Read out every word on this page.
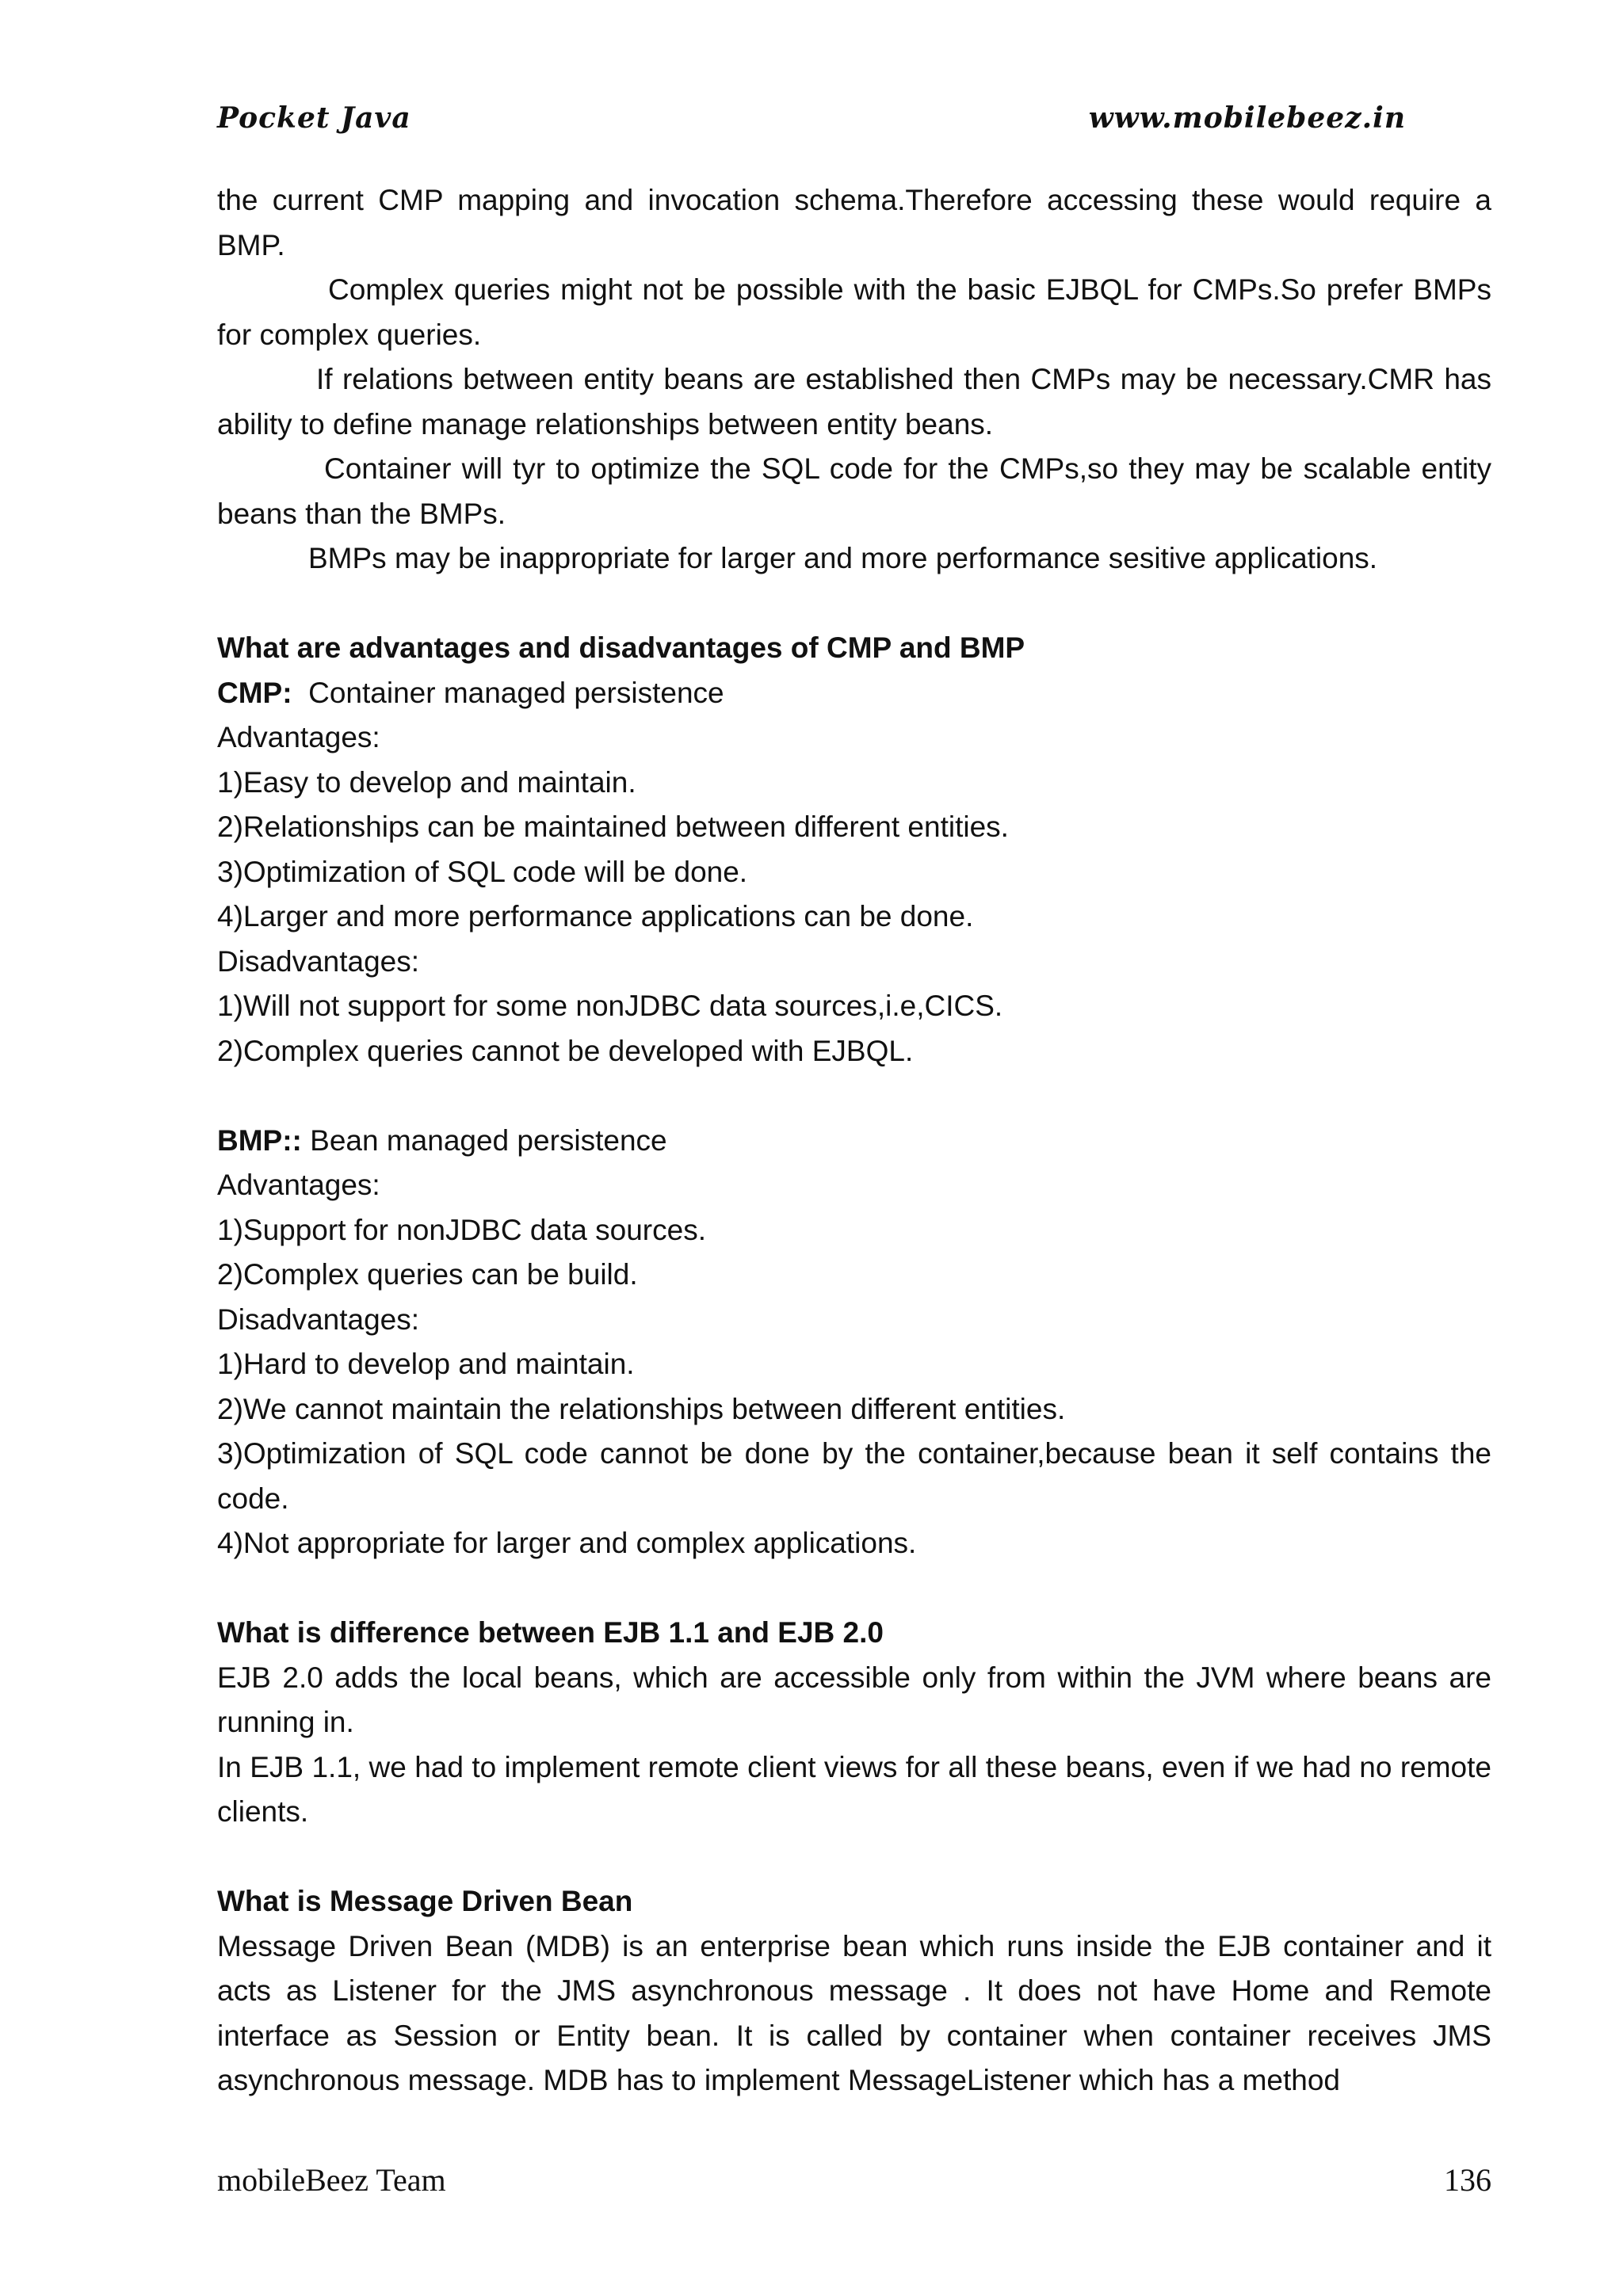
Pocket Java	www.mobilebeez.in

the current CMP mapping and invocation schema.Therefore accessing these would require a BMP.

Complex queries might not be possible with the basic EJBQL for CMPs.So prefer BMPs for complex queries.

If relations between entity beans are established then CMPs may be necessary.CMR has ability to define manage relationships between entity beans.

Container will tyr to optimize the SQL code for the CMPs,so they may be scalable entity beans than the BMPs.

BMPs may be inappropriate for larger and more performance sesitive applications.

What are advantages and disadvantages of CMP and BMP

CMP: Container managed persistence

Advantages:

1)Easy to develop and maintain.

2)Relationships can be maintained between different entities.

3)Optimization of SQL code will be done.

4)Larger and more performance applications can be done.

Disadvantages:

1)Will not support for some nonJDBC data sources,i.e,CICS.

2)Complex queries cannot be developed with EJBQL.

BMP:: Bean managed persistence

Advantages:

1)Support for nonJDBC data sources.

2)Complex queries can be build.

Disadvantages:

1)Hard to develop and maintain.

2)We cannot maintain the relationships between different entities.

3)Optimization of SQL code cannot be done by the container,because bean it self contains the code.

4)Not appropriate for larger and complex applications.

What is difference between EJB 1.1 and EJB 2.0

EJB 2.0 adds the local beans, which are accessible only from within the JVM where beans are running in.

In EJB 1.1, we had to implement remote client views for all these beans, even if we had no remote clients.

What is Message Driven Bean

Message Driven Bean (MDB) is an enterprise bean which runs inside the EJB container and it acts as Listener for the JMS asynchronous message . It does not have Home and Remote interface as Session or Entity bean. It is called by container when container receives JMS asynchronous message. MDB has to implement MessageListener which has a method

mobileBeez Team	136
